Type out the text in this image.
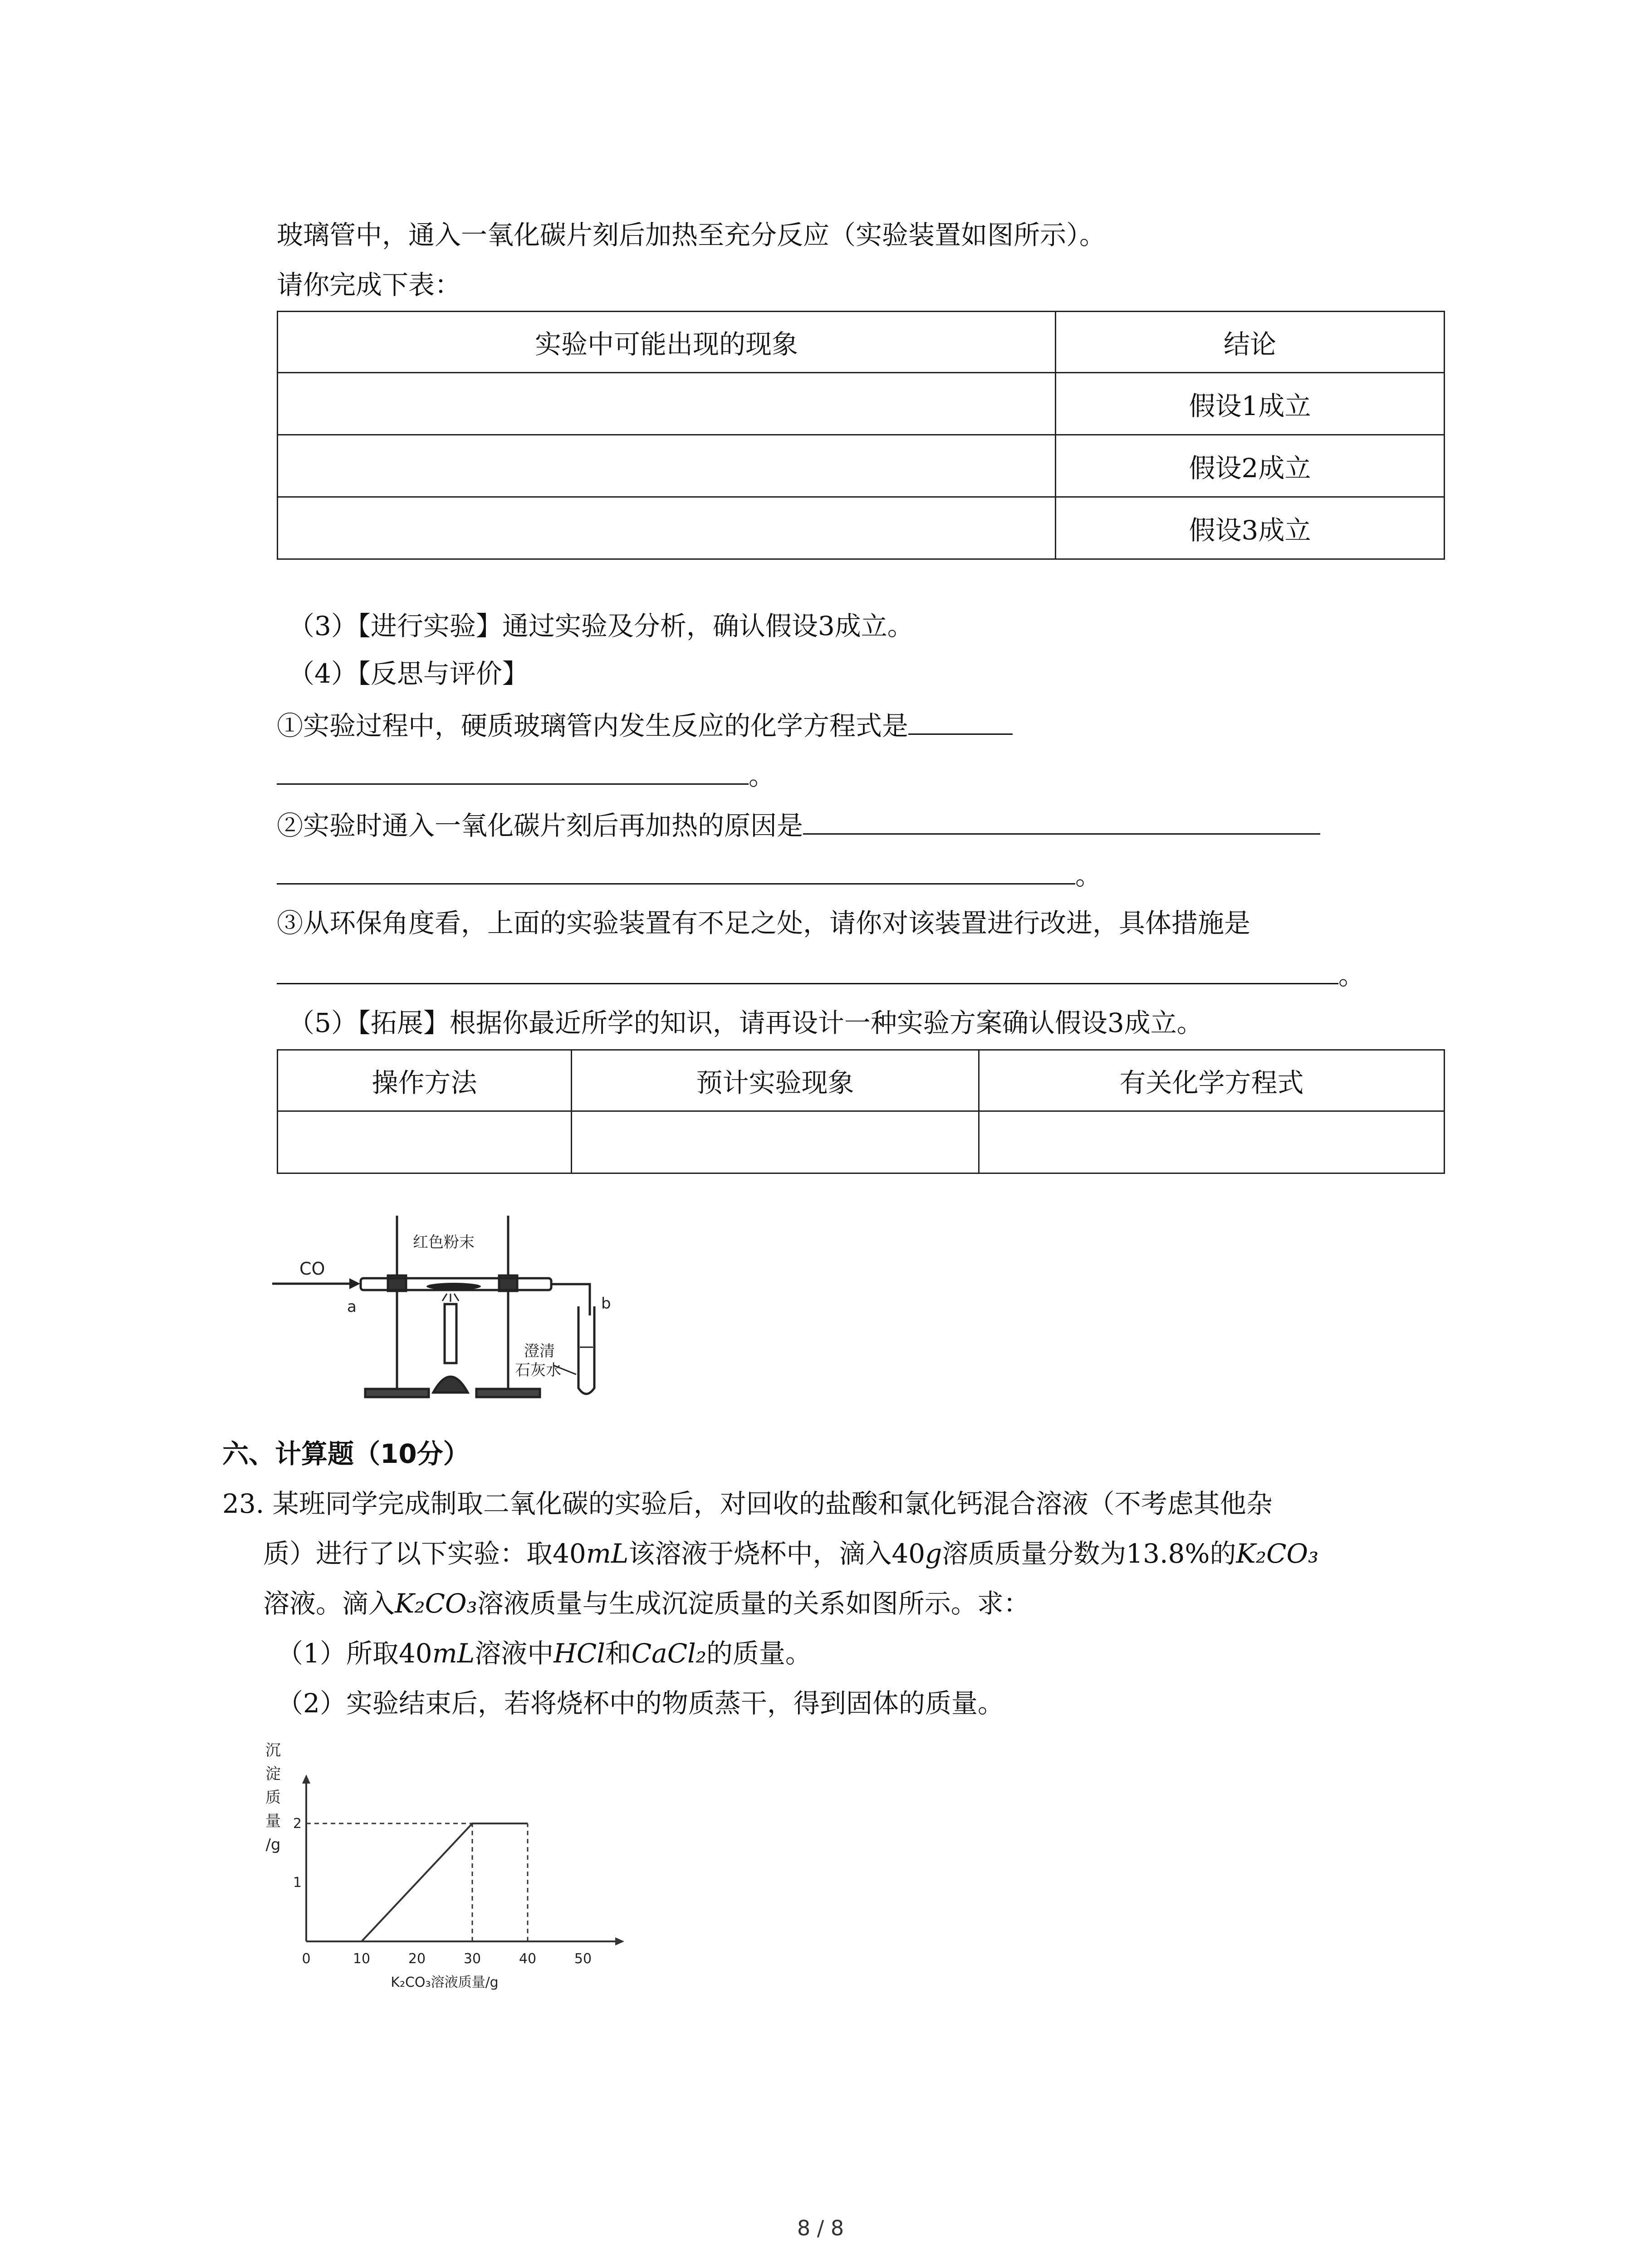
玻璃管中，通入一氧化碳片刻后加热至充分反应（实验装置如图所示）。
请你完成下表：
实验中可能出现的现象	结论
	假设1成立
	假设2成立
	假设3成立
（3）【进行实验】通过实验及分析，确认假设3成立。
（4）【反思与评价】
①实验过程中，硬质玻璃管内发生反应的化学方程式是
。
②实验时通入一氧化碳片刻后再加热的原因是
。
③从环保角度看，上面的实验装置有不足之处，请你对该装置进行改进，具体措施是
。
（5）【拓展】根据你最近所学的知识，请再设计一种实验方案确认假设3成立。
操作方法	预计实验现象	有关化学方程式

CO
红色粉末
a	b
澄清
石灰水
六、计算题（10分）
23. 某班同学完成制取二氧化碳的实验后，对回收的盐酸和氯化钙混合溶液（不考虑其他杂
质）进行了以下实验：取40mL该溶液于烧杯中，滴入40g溶质质量分数为13.8%的K₂CO₃
溶液。滴入K₂CO₃溶液质量与生成沉淀质量的关系如图所示。求：
（1）所取40mL溶液中HCl和CaCl₂的质量。
（2）实验结束后，若将烧杯中的物质蒸干，得到固体的质量。
沉
淀
质
量
/g
0	10	20	30	40	50
1
2
K₂CO₃溶液质量/g
8 / 8
